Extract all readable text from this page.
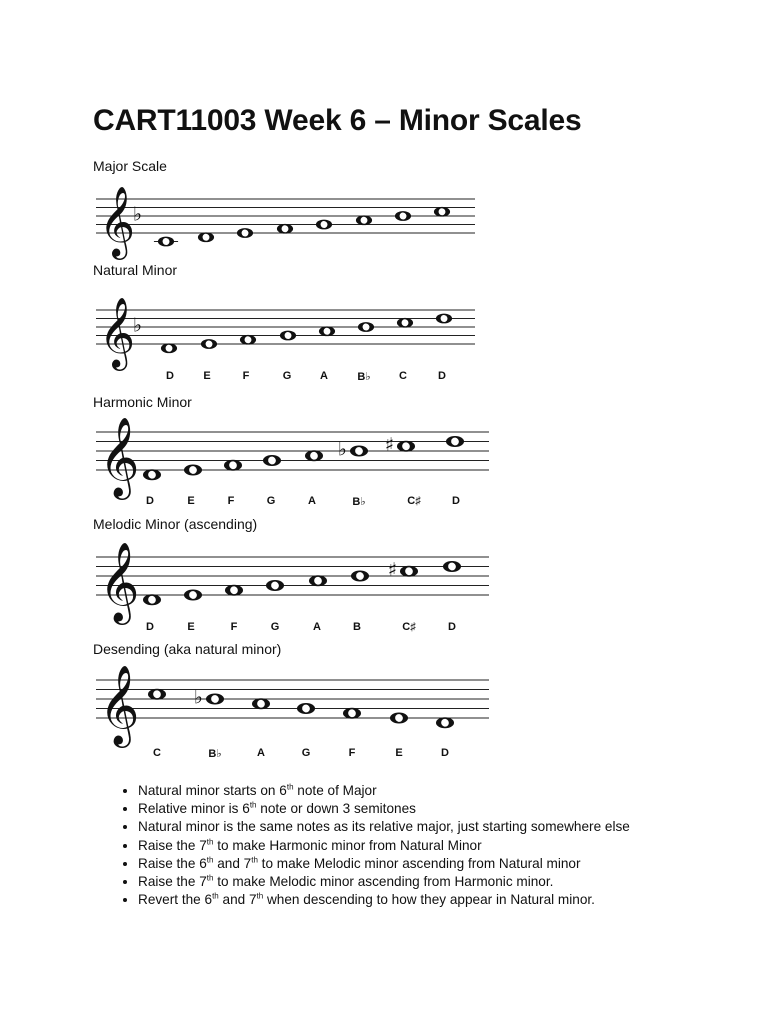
CART11003 Week 6 – Minor Scales
Major Scale
𝄞
♭
Natural Minor
𝄞
♭
D	E	F	G	A	B♭	C	D
Harmonic Minor
𝄞	♭ ♯
D	E	F	G	A	B♭	C♯	D
Melodic Minor (ascending)
𝄞	♯
D	E	F	G	A	B	C♯	D
Desending (aka natural minor)
𝄞	♭
C	B♭	A	G	F	E	D
• Natural minor starts on 6th note of Major
• Relative minor is 6th note or down 3 semitones
• Natural minor is the same notes as its relative major, just starting somewhere else
• Raise the 7th to make Harmonic minor from Natural Minor
• Raise the 6th and 7th to make Melodic minor ascending from Natural minor
• Raise the 7th to make Melodic minor ascending from Harmonic minor.
• Revert the 6th and 7th when descending to how they appear in Natural minor.
